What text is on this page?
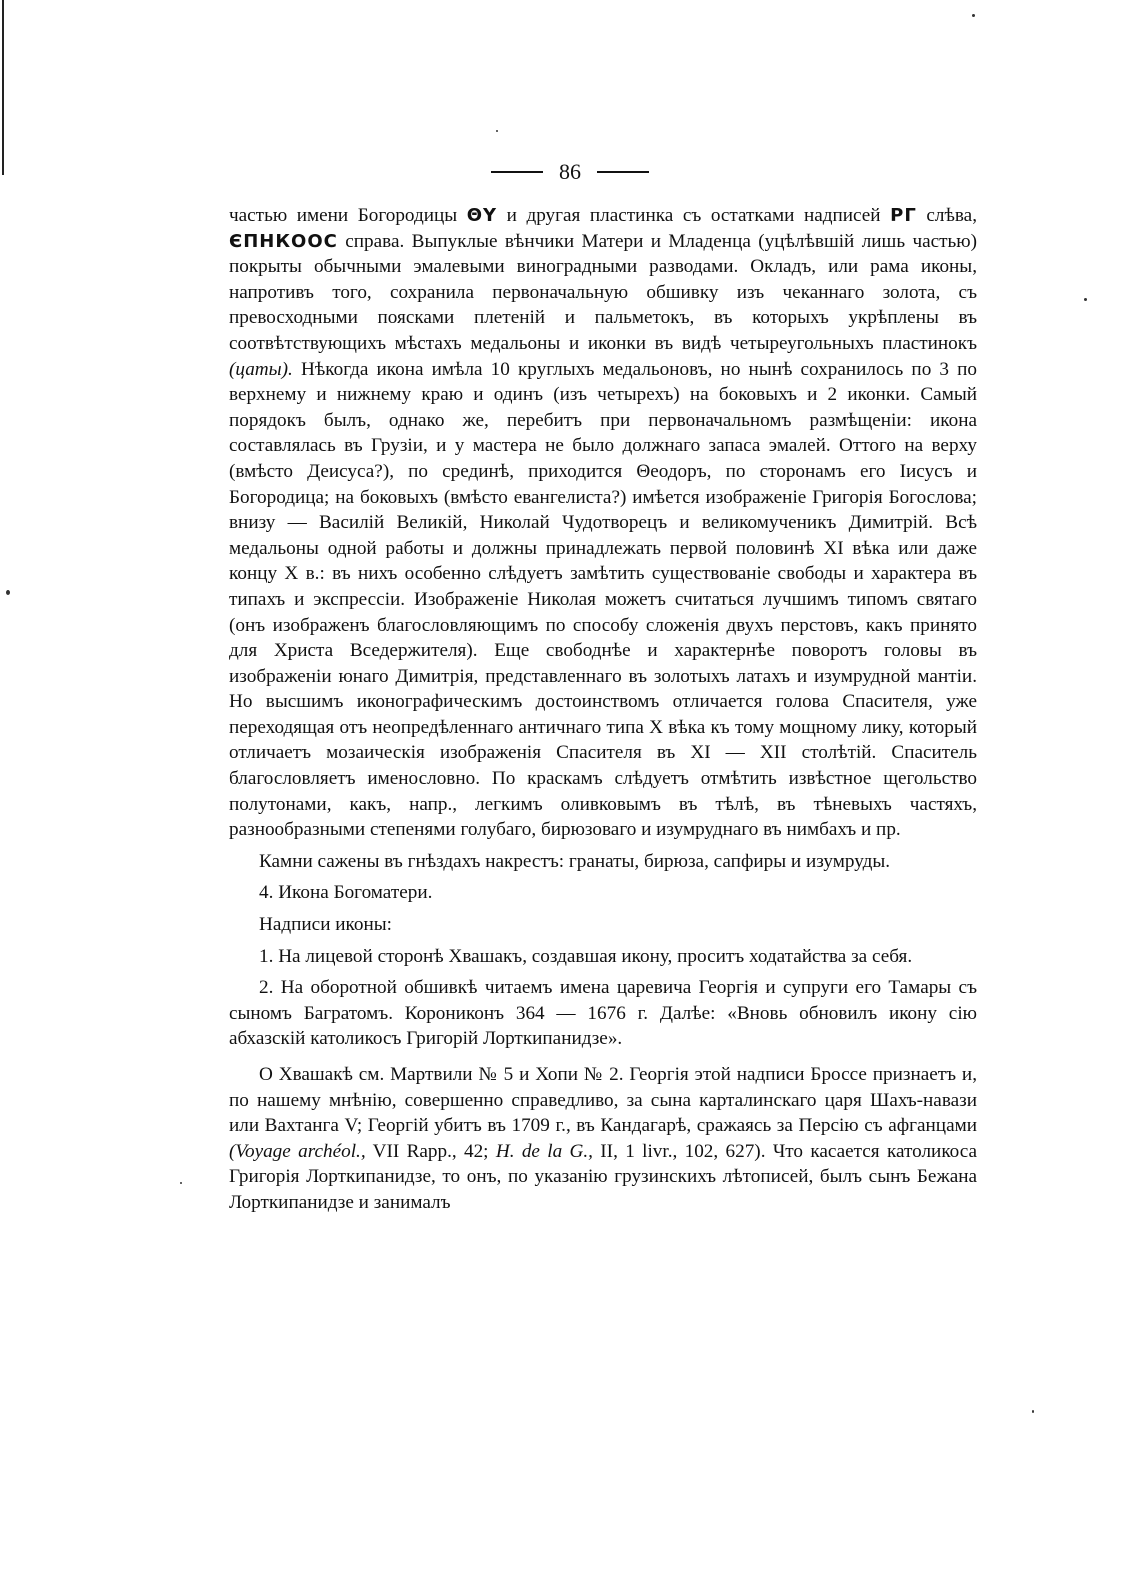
86

частью имени Богородицы ΘΥ и другая пластинка съ остатками надписей ΡΓ слѣва, ЄПНКООС справа. Выпуклые вѣнчики Матери и Младенца (уцѣлѣвшій лишь частью) покрыты обычными эмалевыми виноградными разводами. Окладъ, или рама иконы, напротивъ того, сохранила первоначальную обшивку изъ чеканнаго золота, съ превосходными поясками плетеній и пальметокъ, въ которыхъ укрѣплены въ соотвѣтствующихъ мѣстахъ медальоны и иконки въ видѣ четыреугольныхъ пластинокъ (цаты). Нѣкогда икона имѣла 10 круглыхъ медальоновъ, но нынѣ сохранилось по 3 по верхнему и нижнему краю и одинъ (изъ четырехъ) на боковыхъ и 2 иконки. Самый порядокъ былъ, однако же, перебитъ при первоначальномъ размѣщеніи: икона составлялась въ Грузіи, и у мастера не было должнаго запаса эмалей. Оттого на верху (вмѣсто Деисуса?), по срединѣ, приходится Θеодоръ, по сторонамъ его Іисусъ и Богородица; на боковыхъ (вмѣсто евангелиста?) имѣется изображеніе Григорія Богослова; внизу — Василій Великій, Николай Чудотворецъ и великомученикъ Димитрій. Всѣ медальоны одной работы и должны принадлежать первой половинѣ XI вѣка или даже концу X в.: въ нихъ особенно слѣдуетъ замѣтить существованіе свободы и характера въ типахъ и экспрессіи. Изображеніе Николая можетъ считаться лучшимъ типомъ святаго (онъ изображенъ благословляющимъ по способу сложенія двухъ перстовъ, какъ принято для Христа Вседержителя). Еще свободнѣе и характернѣе поворотъ головы въ изображеніи юнаго Димитрія, представленнаго въ золотыхъ латахъ и изумрудной мантіи. Но высшимъ иконографическимъ достоинствомъ отличается голова Спасителя, уже переходящая отъ неопредѣленнаго античнаго типа X вѣка къ тому мощному лику, который отличаетъ мозаическія изображенія Спасителя въ XI — XII столѣтій. Спаситель благословляетъ именословно. По краскамъ слѣдуетъ отмѣтить извѣстное щегольство полутонами, какъ, напр., легкимъ оливковымъ въ тѣлѣ, въ тѣневыхъ частяхъ, разнообразными степенями голубаго, бирюзоваго и изумруднаго въ нимбахъ и пр.

Камни сажены въ гнѣздахъ накрестъ: гранаты, бирюза, сапфиры и изумруды.

4. Икона Богоматери.

Надписи иконы:

1. На лицевой сторонѣ Хвашакъ, создавшая икону, проситъ ходатайства за себя.

2. На оборотной обшивкѣ читаемъ имена царевича Георгія и супруги его Тамары съ сыномъ Багратомъ. Корониконъ 364 — 1676 г. Далѣе: «Вновь обновилъ икону сію абхазскій католикосъ Григорій Лорткипанидзе».

О Хвашакѣ см. Мартвили № 5 и Хопи № 2. Георгія этой надписи Броссе признаетъ и, по нашему мнѣнію, совершенно справедливо, за сына карталинскаго царя Шахъ-навази или Вахтанга V; Георгій убитъ въ 1709 г., въ Кандагарѣ, сражаясь за Персію съ афганцами (Voyage archéol., VII Rapp., 42; H. de la G., II, 1 livr., 102, 627). Что касается католикоса Григорія Лорткипанидзе, то онъ, по указанію грузинскихъ лѣтописей, былъ сынъ Бежана Лорткипанидзе и занималъ
